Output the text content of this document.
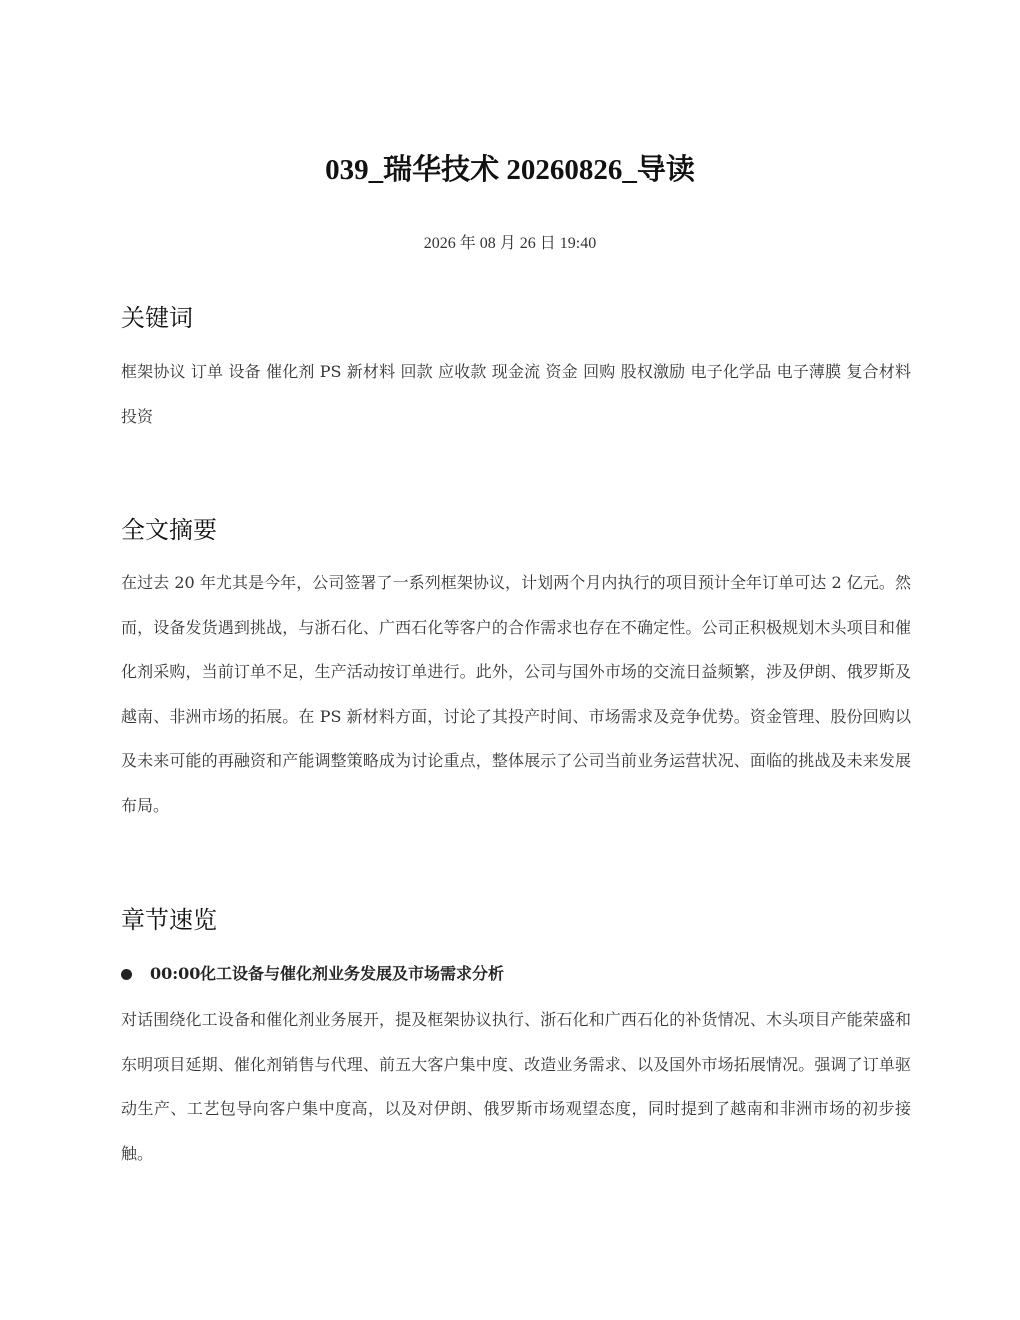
039_瑞华技术 20260826_导读
2026 年 08 月 26 日 19:40
关键词
框架协议 订单 设备 催化剂 PS 新材料 回款 应收款 现金流 资金 回购 股权激励 电子化学品 电子薄膜 复合材料 投资
全文摘要
在过去 20 年尤其是今年，公司签署了一系列框架协议，计划两个月内执行的项目预计全年订单可达 2 亿元。然而，设备发货遇到挑战，与浙石化、广西石化等客户的合作需求也存在不确定性。公司正积极规划木头项目和催化剂采购，当前订单不足，生产活动按订单进行。此外，公司与国外市场的交流日益频繁，涉及伊朗、俄罗斯及越南、非洲市场的拓展。在 PS 新材料方面，讨论了其投产时间、市场需求及竞争优势。资金管理、股份回购以及未来可能的再融资和产能调整策略成为讨论重点，整体展示了公司当前业务运营状况、面临的挑战及未来发展布局。
章节速览
00:00 化工设备与催化剂业务发展及市场需求分析
对话围绕化工设备和催化剂业务展开，提及框架协议执行、浙石化和广西石化的补货情况、木头项目产能荣盛和东明项目延期、催化剂销售与代理、前五大客户集中度、改造业务需求、以及国外市场拓展情况。强调了订单驱动生产、工艺包导向客户集中度高，以及对伊朗、俄罗斯市场观望态度，同时提到了越南和非洲市场的初步接触。
